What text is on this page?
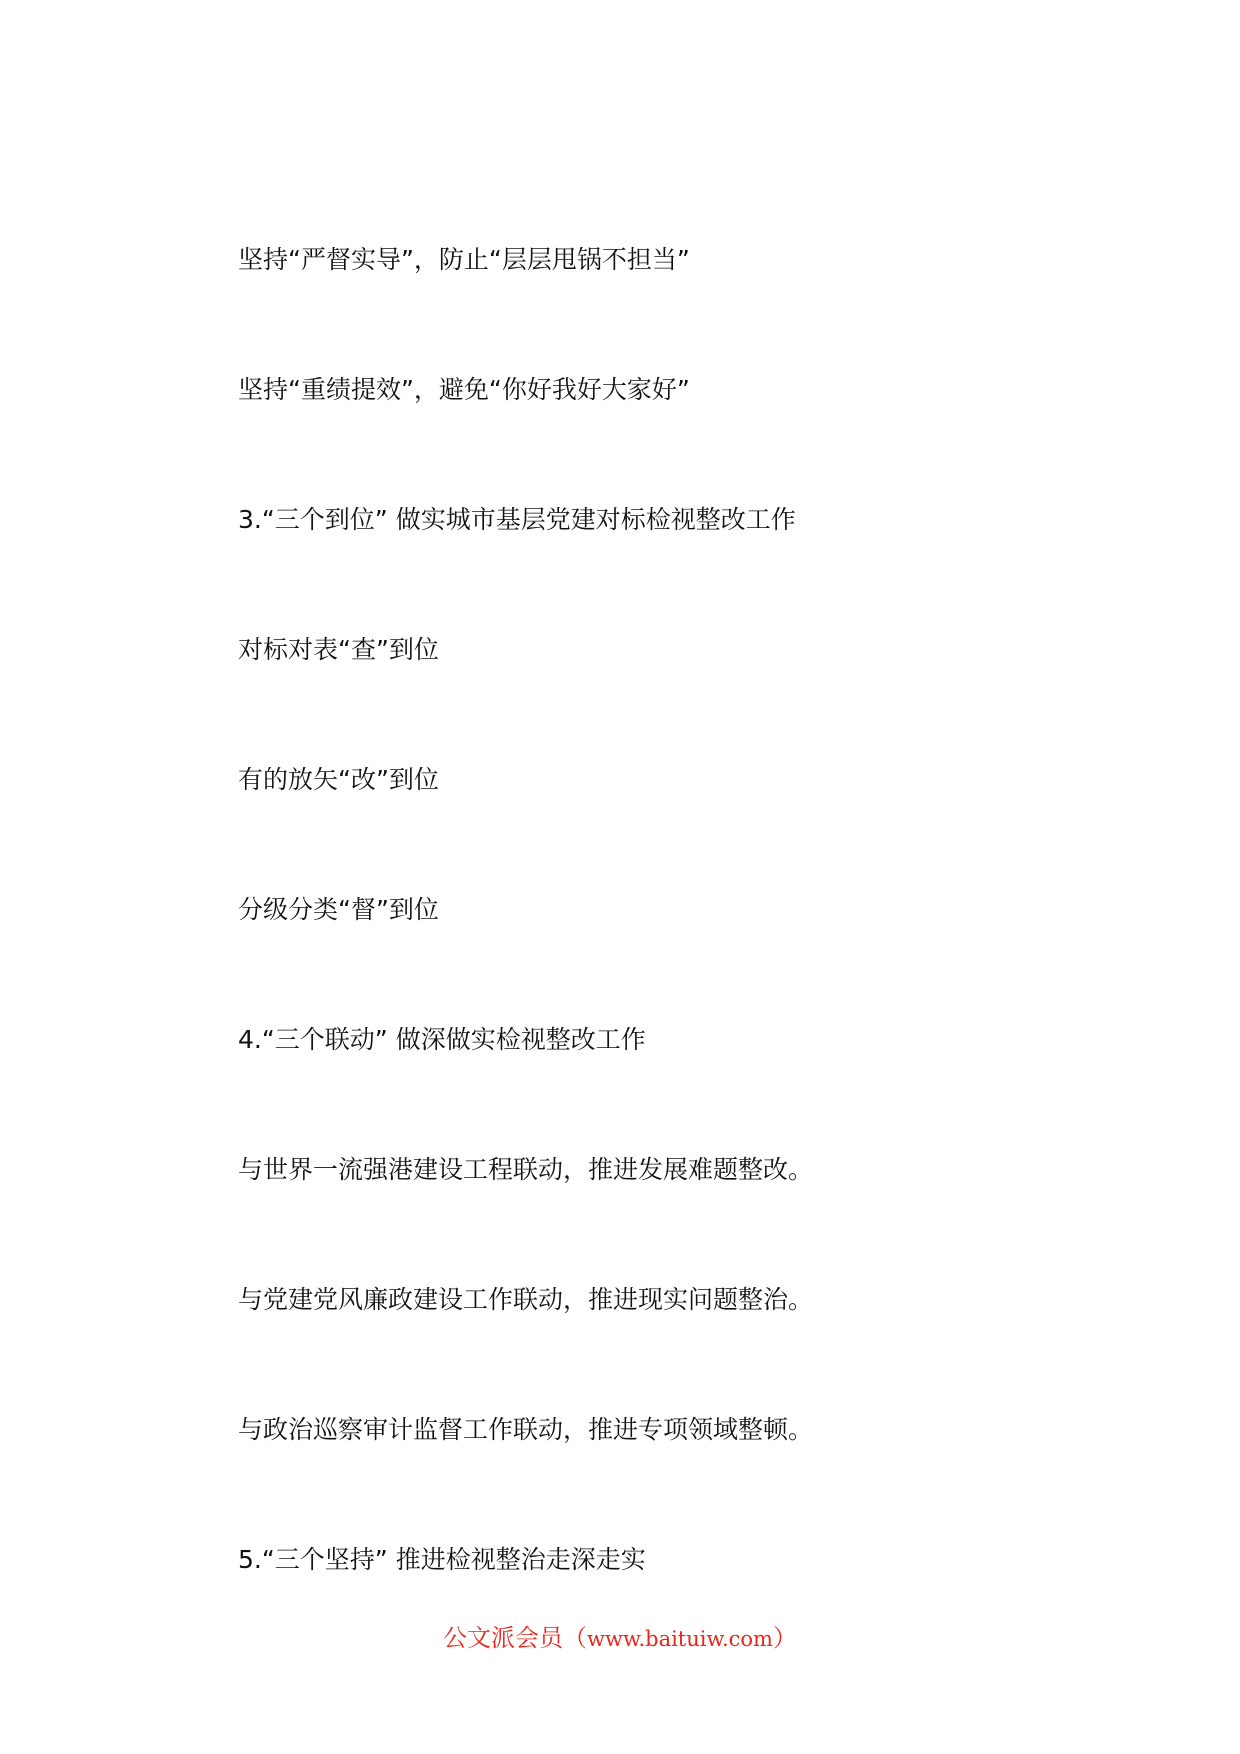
坚持“严督实导”，防止“层层甩锅不担当”
坚持“重绩提效”，避免“你好我好大家好”
3.“三个到位” 做实城市基层党建对标检视整改工作
对标对表“查”到位
有的放矢“改”到位
分级分类“督”到位
4.“三个联动” 做深做实检视整改工作
与世界一流强港建设工程联动，推进发展难题整改。
与党建党风廉政建设工作联动，推进现实问题整治。
与政治巡察审计监督工作联动，推进专项领域整顿。
5.“三个坚持” 推进检视整治走深走实
公文派会员（www.baituiw.com）
